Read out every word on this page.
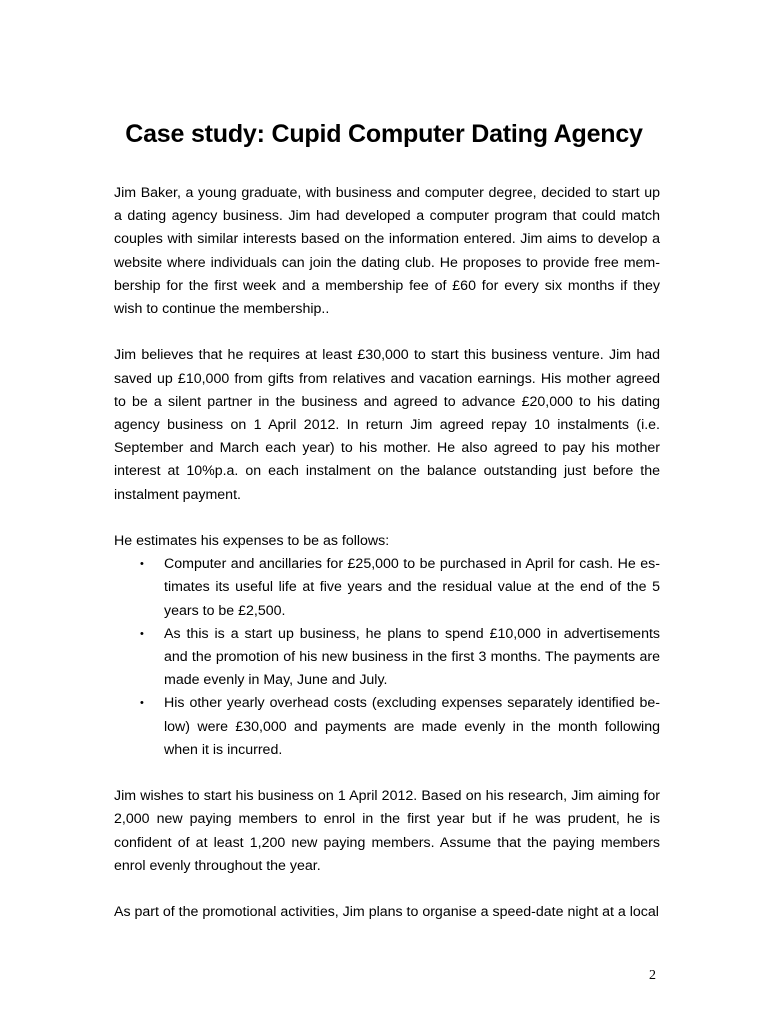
Case study: Cupid Computer Dating Agency

Jim Baker, a young graduate, with business and computer degree, decided to start up a dating agency business. Jim had developed a computer program that could match couples with similar interests based on the information entered. Jim aims to develop a website where individuals can join the dating club. He proposes to provide free membership for the first week and a membership fee of £60 for every six months if they wish to continue the membership..

Jim believes that he requires at least £30,000 to start this business venture. Jim had saved up £10,000 from gifts from relatives and vacation earnings. His mother agreed to be a silent partner in the business and agreed to advance £20,000 to his dating agency business on 1 April 2012. In return Jim agreed repay 10 instalments (i.e. September and March each year) to his mother. He also agreed to pay his mother interest at 10%p.a. on each instalment on the balance outstanding just before the instalment payment.

He estimates his expenses to be as follows:

• Computer and ancillaries for £25,000 to be purchased in April for cash. He estimates its useful life at five years and the residual value at the end of the 5 years to be £2,500.
• As this is a start up business, he plans to spend £10,000 in advertisements and the promotion of his new business in the first 3 months. The payments are made evenly in May, June and July.
• His other yearly overhead costs (excluding expenses separately identified below) were £30,000 and payments are made evenly in the month following when it is incurred.

Jim wishes to start his business on 1 April 2012. Based on his research, Jim aiming for 2,000 new paying members to enrol in the first year but if he was prudent, he is confident of at least 1,200 new paying members. Assume that the paying members enrol evenly throughout the year.

As part of the promotional activities, Jim plans to organise a speed-date night at a local

2
